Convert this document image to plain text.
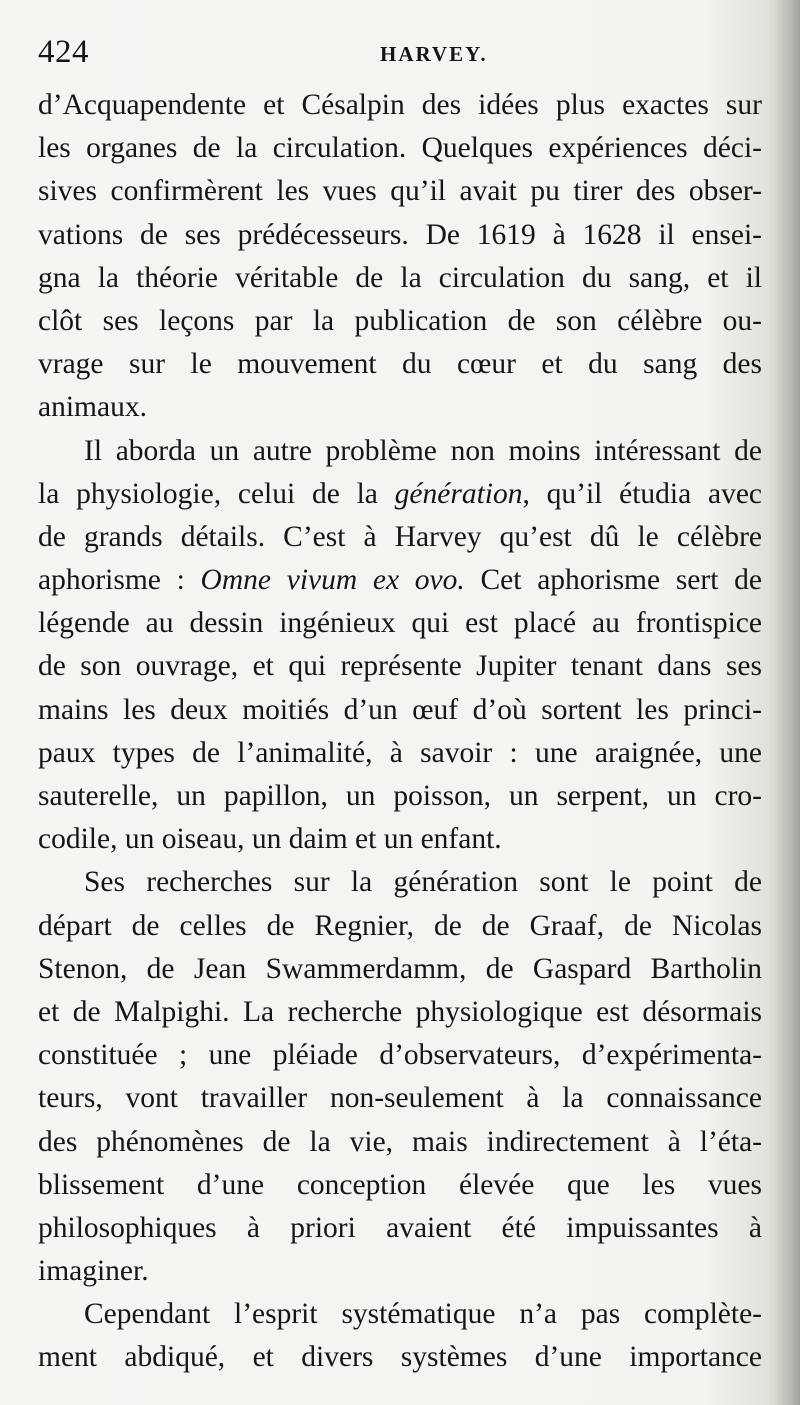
424	HARVEY.
d’Acquapendente et Césalpin des idées plus exactes sur
les organes de la circulation. Quelques expériences déci-
sives confirmèrent les vues qu’il avait pu tirer des obser-
vations de ses prédécesseurs. De 1619 à 1628 il ensei-
gna la théorie véritable de la circulation du sang, et il
clôt ses leçons par la publication de son célèbre ou-
vrage sur le mouvement du cœur et du sang des
animaux.
Il aborda un autre problème non moins intéressant de
la physiologie, celui de la génération, qu’il étudia avec
de grands détails. C’est à Harvey qu’est dû le célèbre
aphorisme : Omne vivum ex ovo. Cet aphorisme sert de
légende au dessin ingénieux qui est placé au frontispice
de son ouvrage, et qui représente Jupiter tenant dans ses
mains les deux moitiés d’un œuf d’où sortent les princi-
paux types de l’animalité, à savoir : une araignée, une
sauterelle, un papillon, un poisson, un serpent, un cro-
codile, un oiseau, un daim et un enfant.
Ses recherches sur la génération sont le point de
départ de celles de Regnier, de de Graaf, de Nicolas
Stenon, de Jean Swammerdamm, de Gaspard Bartholin
et de Malpighi. La recherche physiologique est désormais
constituée ; une pléiade d’observateurs, d’expérimenta-
teurs, vont travailler non-seulement à la connaissance
des phénomènes de la vie, mais indirectement à l’éta-
blissement d’une conception élevée que les vues
philosophiques à priori avaient été impuissantes à
imaginer.
Cependant l’esprit systématique n’a pas complète-
ment abdiqué, et divers systèmes d’une importance
